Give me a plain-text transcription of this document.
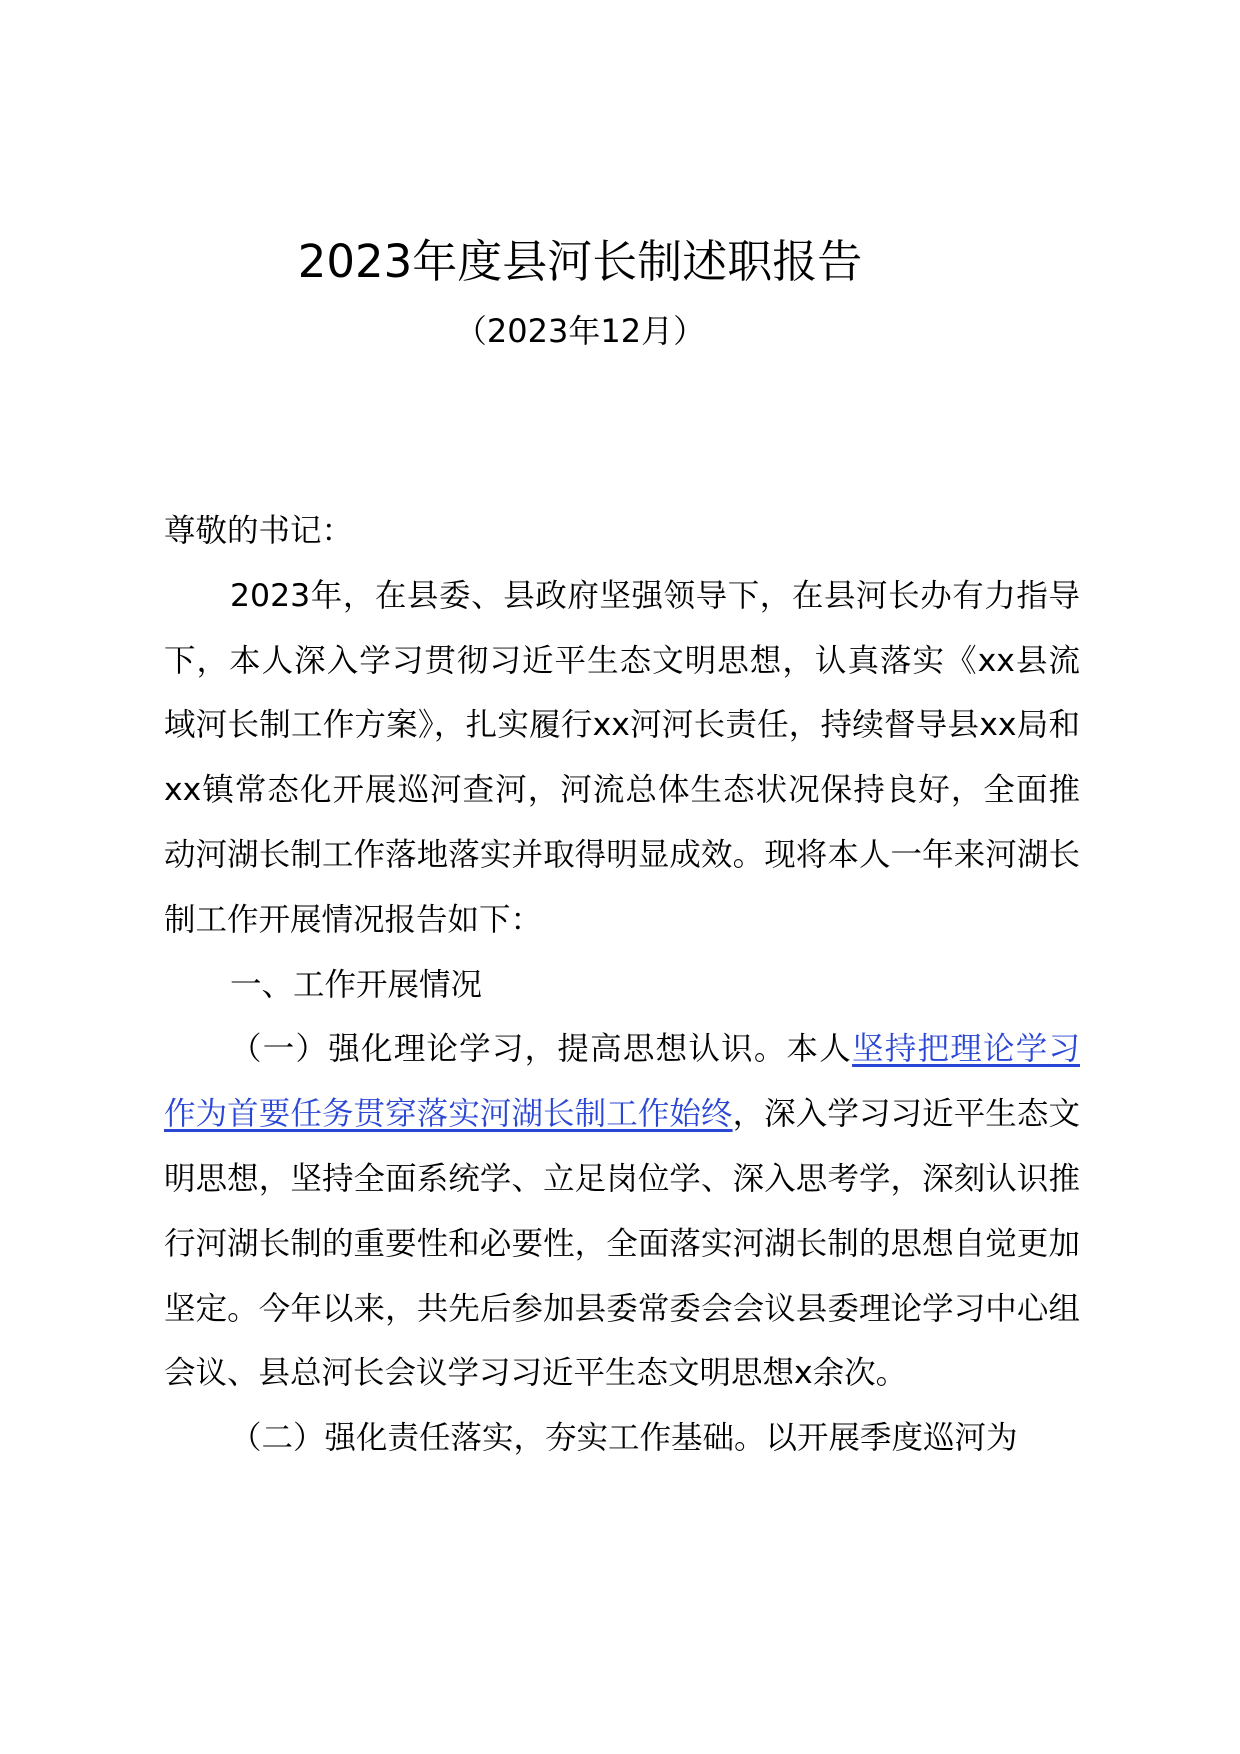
2023年度县河长制述职报告
（2023年12月）

尊敬的书记：

2023年，在县委、县政府坚强领导下，在县河长办有力指导下，本人深入学习贯彻习近平生态文明思想，认真落实《xx县流域河长制工作方案》，扎实履行xx河河长责任，持续督导县xx局和xx镇常态化开展巡河查河，河流总体生态状况保持良好，全面推动河湖长制工作落地落实并取得明显成效。现将本人一年来河湖长制工作开展情况报告如下：

一、工作开展情况

（一）强化理论学习，提高思想认识。本人坚持把理论学习作为首要任务贯穿落实河湖长制工作始终，深入学习习近平生态文明思想，坚持全面系统学、立足岗位学、深入思考学，深刻认识推行河湖长制的重要性和必要性，全面落实河湖长制的思想自觉更加坚定。今年以来，共先后参加县委常委会会议县委理论学习中心组会议、县总河长会议学习习近平生态文明思想x余次。

（二）强化责任落实，夯实工作基础。以开展季度巡河为
